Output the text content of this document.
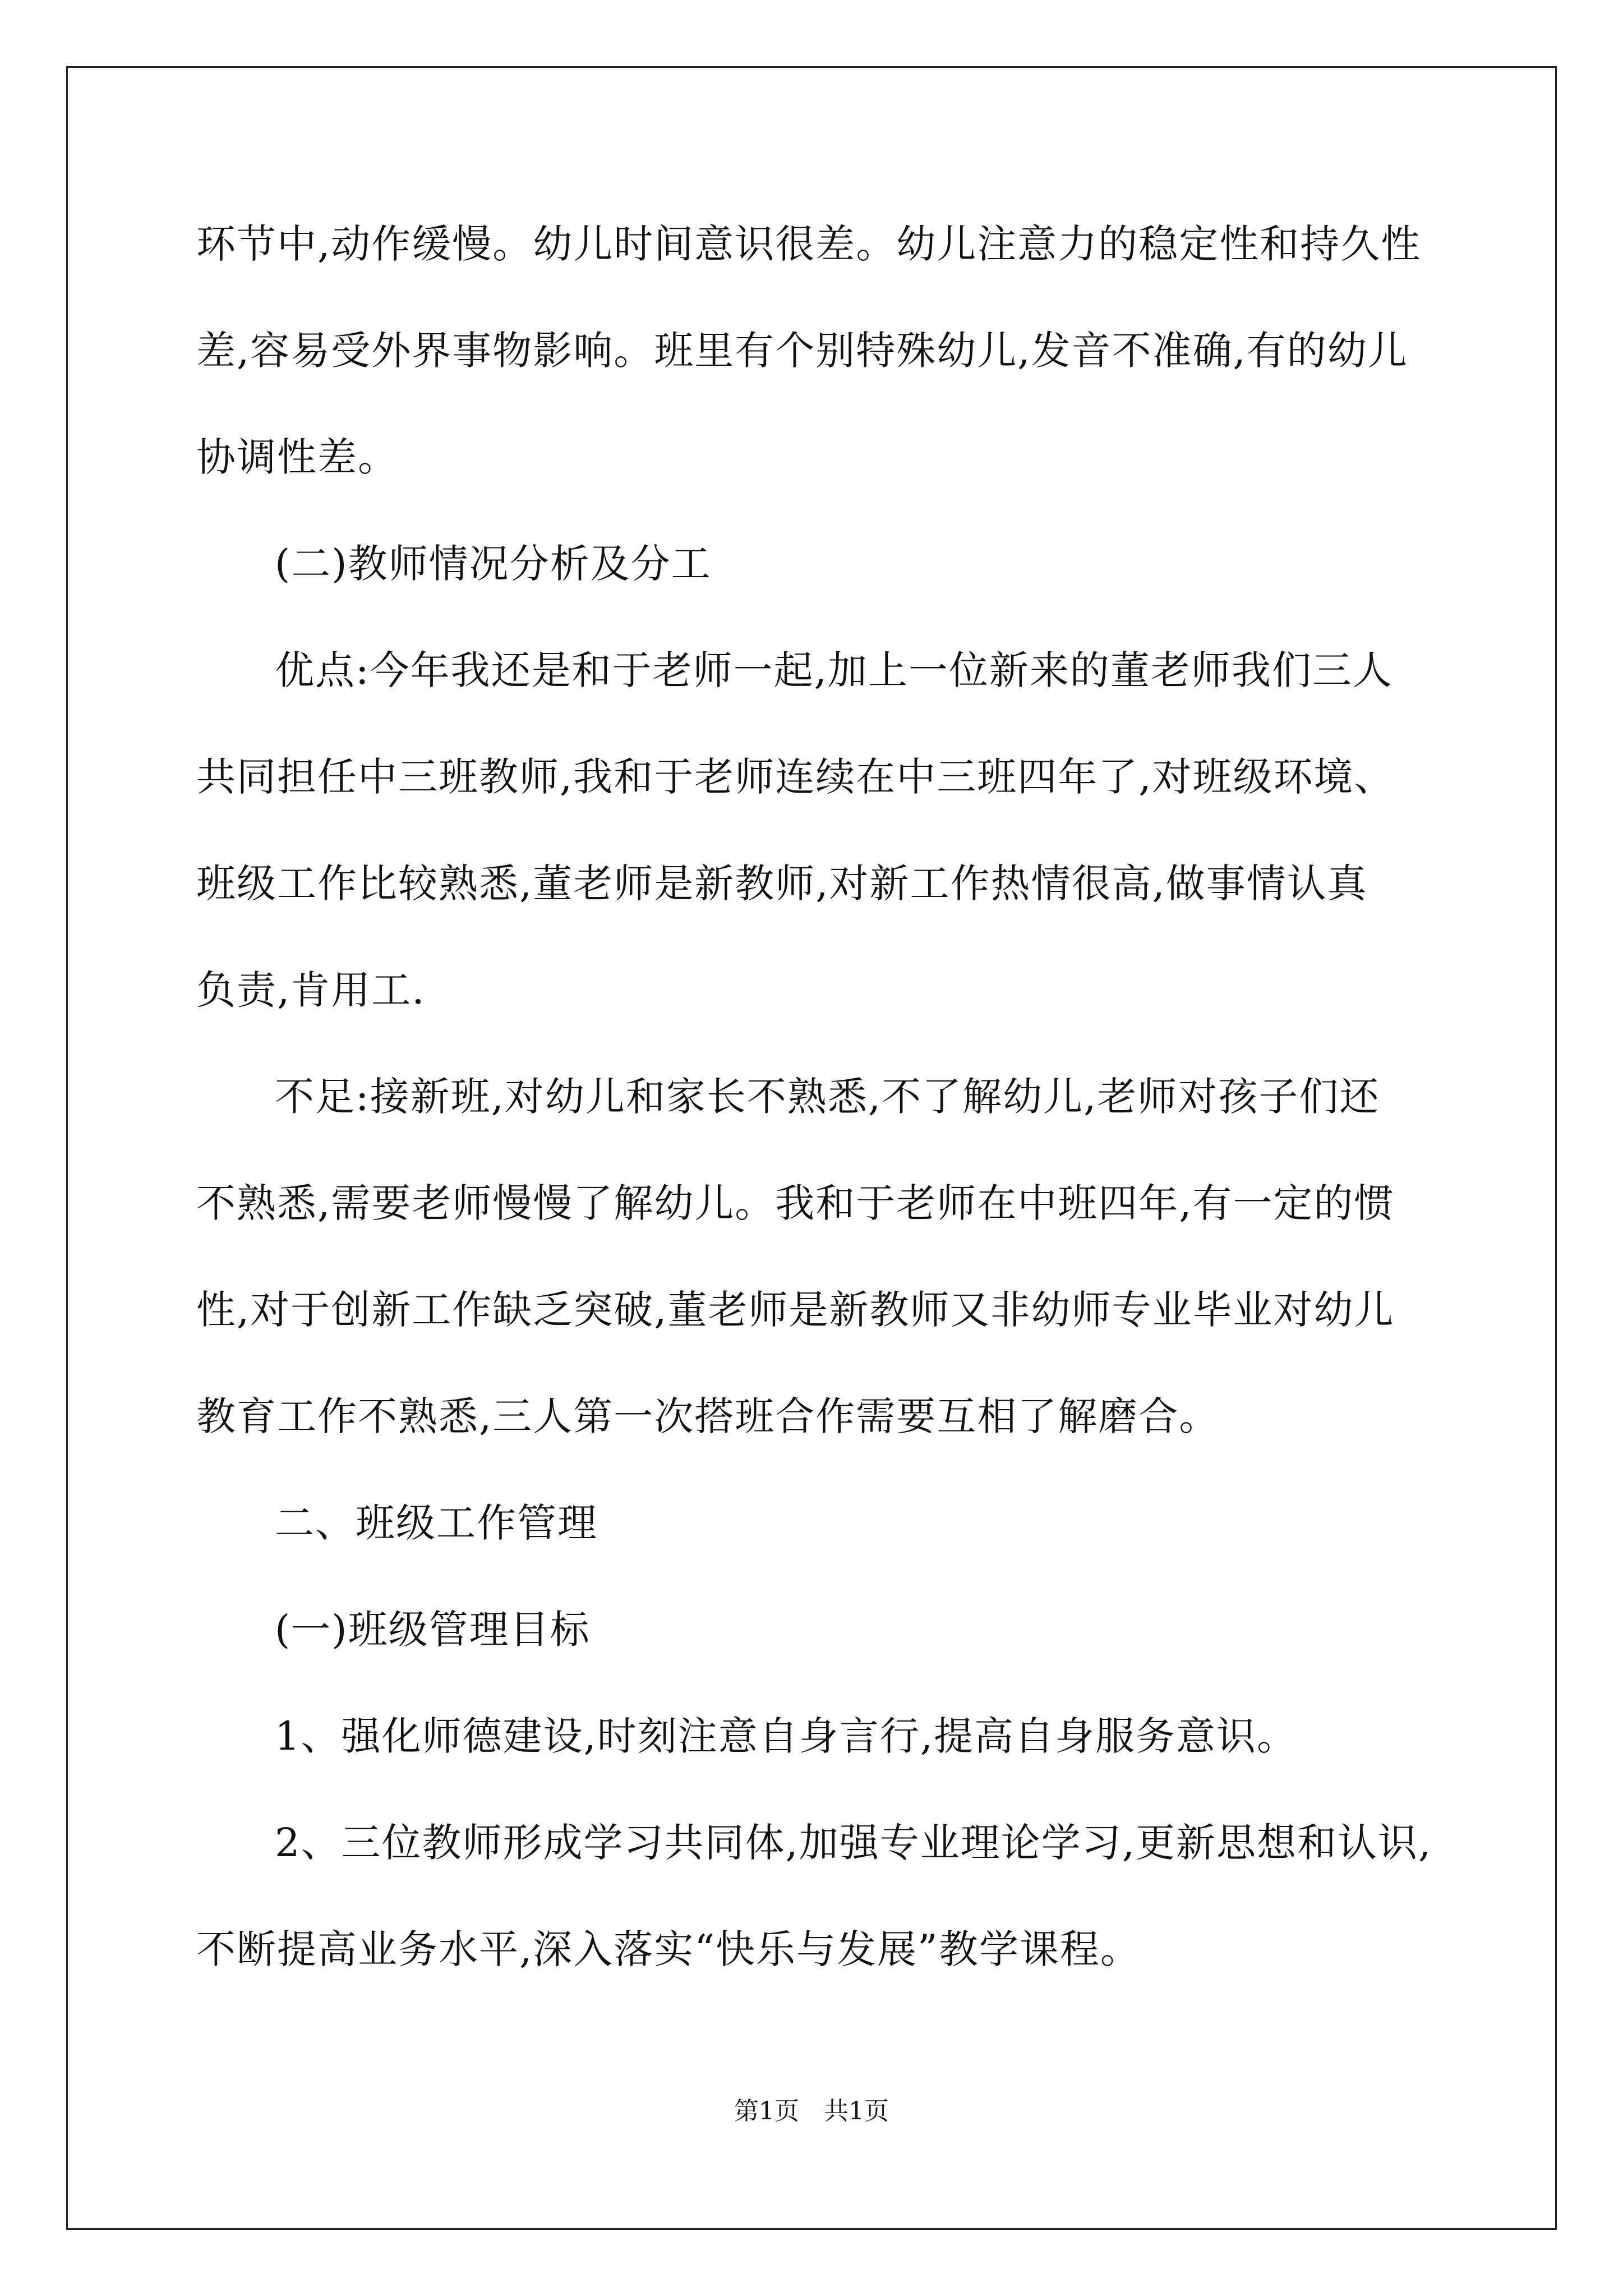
环节中,动作缓慢。幼儿时间意识很差。幼儿注意力的稳定性和持久性
差,容易受外界事物影响。班里有个别特殊幼儿,发音不准确,有的幼儿
协调性差。
(二)教师情况分析及分工
优点:今年我还是和于老师一起,加上一位新来的董老师我们三人
共同担任中三班教师,我和于老师连续在中三班四年了,对班级环境、
班级工作比较熟悉,董老师是新教师,对新工作热情很高,做事情认真
负责,肯用工.
不足:接新班,对幼儿和家长不熟悉,不了解幼儿,老师对孩子们还
不熟悉,需要老师慢慢了解幼儿。我和于老师在中班四年,有一定的惯
性,对于创新工作缺乏突破,董老师是新教师又非幼师专业毕业对幼儿
教育工作不熟悉,三人第一次搭班合作需要互相了解磨合。
二、班级工作管理
(一)班级管理目标
1、强化师德建设,时刻注意自身言行,提高自身服务意识。
2、三位教师形成学习共同体,加强专业理论学习,更新思想和认识,
不断提高业务水平,深入落实“快乐与发展”教学课程。
第1页　共1页
